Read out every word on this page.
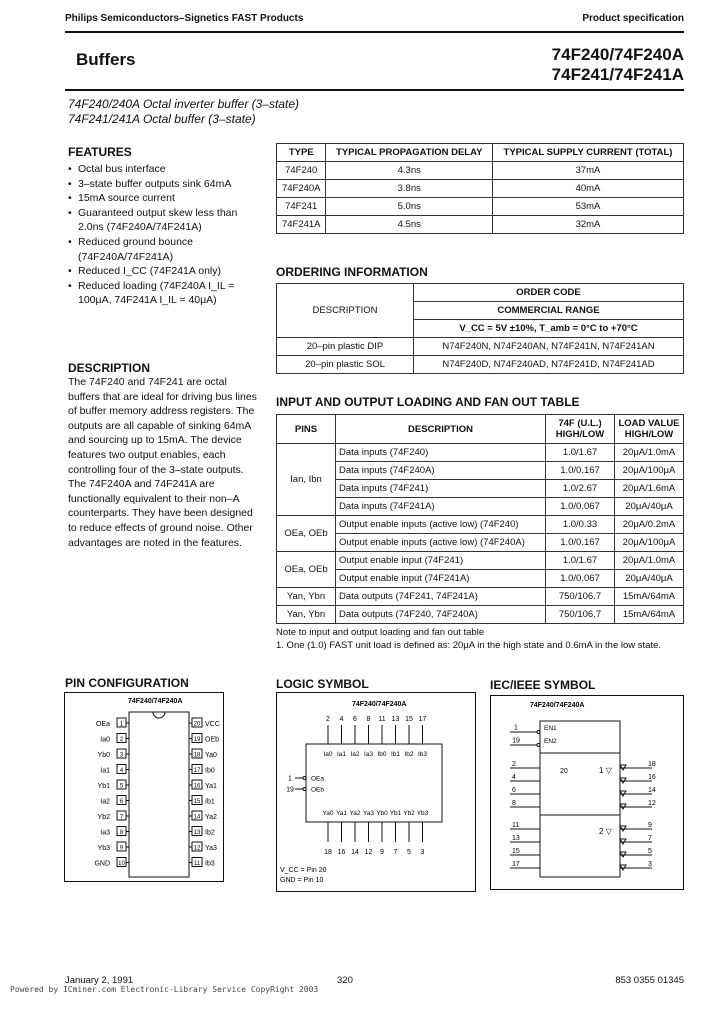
Philips Semiconductors–Signetics FAST Products	Product specification
Buffers	74F240/74F240A
74F241/74F241A
74F240/240A Octal inverter buffer (3–state)
74F241/241A Octal buffer (3–state)
FEATURES
• Octal bus interface
• 3–state buffer outputs sink 64mA
• 15mA source current
• Guaranteed output skew less than 2.0ns (74F240A/74F241A)
• Reduced ground bounce (74F240A/74F241A)
• Reduced I_CC (74F241A only)
• Reduced loading (74F240A I_IL = 100μA, 74F241A I_IL = 40μA)
DESCRIPTION
The 74F240 and 74F241 are octal buffers that are ideal for driving bus lines of buffer memory address registers. The outputs are all capable of sinking 64mA and sourcing up to 15mA. The device features two output enables, each controlling four of the 3–state outputs.
The 74F240A and 74F241A are functionally equivalent to their non–A counterparts. They have been designed to reduce effects of ground noise. Other advantages are noted in the features.
TYPE	TYPICAL PROPAGATION DELAY	TYPICAL SUPPLY CURRENT (TOTAL)
74F240	4.3ns	37mA
74F240A	3.8ns	40mA
74F241	5.0ns	53mA
74F241A	4.5ns	32mA
ORDERING INFORMATION
DESCRIPTION	ORDER CODE
	COMMERCIAL RANGE
	V_CC = 5V ±10%, T_amb = 0°C to +70°C
20–pin plastic DIP	N74F240N, N74F240AN, N74F241N, N74F241AN
20–pin plastic SOL	N74F240D, N74F240AD, N74F241D, N74F241AD
INPUT AND OUTPUT LOADING AND FAN OUT TABLE
PINS	DESCRIPTION	74F (U.L.) HIGH/LOW	LOAD VALUE HIGH/LOW
Ian, Ibn	Data inputs (74F240)	1.0/1.67	20μA/1.0mA
	Data inputs (74F240A)	1.0/0.167	20μA/100μA
	Data inputs (74F241)	1.0/2.67	20μA/1.6mA
	Data inputs (74F241A)	1.0/0.067	20μA/40μA
OEa, OEb	Output enable inputs (active low) (74F240)	1.0/0.33	20μA/0.2mA
	Output enable inputs (active low) (74F240A)	1.0/0.167	20μA/100μA
OEa, OEb	Output enable input (74F241)	1.0/1.67	20μA/1.0mA
	Output enable input (74F241A)	1.0/0.067	20μA/40μA
Yan, Ybn	Data outputs (74F241, 74F241A)	750/106.7	15mA/64mA
Yan, Ybn	Data outputs (74F240, 74F240A)	750/106.7	15mA/64mA
Note to input and output loading and fan out table
1. One (1.0) FAST unit load is defined as: 20μA in the high state and 0.6mA in the low state.
PIN CONFIGURATION	LOGIC SYMBOL	IEC/IEEE SYMBOL
74F240/74F240A
OEa 1
Ia0 2
Yb0 3
Ia1 4
Yb1 5
Ia2 6
Yb2 7
Ia3 8
Yb3 9
GND 10
20 VCC
19 OEb
18 Ya0
17 Ib0
16 Ya1
15 Ib1
14 Ya2
13 Ib2
12 Ya3
11 Ib3
74F240/74F240A
2
Ia0
Ya0
18
4
Ia1
Ya1
16
6
Ia2
Ya2
14
8
Ia3
Ya3
12
11
Ib0
Yb0
9
13
Ib1
Yb1
7
15
Ib2
Yb2
5
17
Ib3
Yb3
3
1	OEa
19	OEb
V_CC = Pin 20
GND = Pin 10
74F240/74F240A
1	EN1
19	EN2
2	18
4	16
6	14
8	12
11	9
13	7
15	5
17	3
1 ▽
2 ▽
20
January 2, 1991	320	853 0355 01345
Powered by ICminer.com Electronic-Library Service CopyRight 2003
